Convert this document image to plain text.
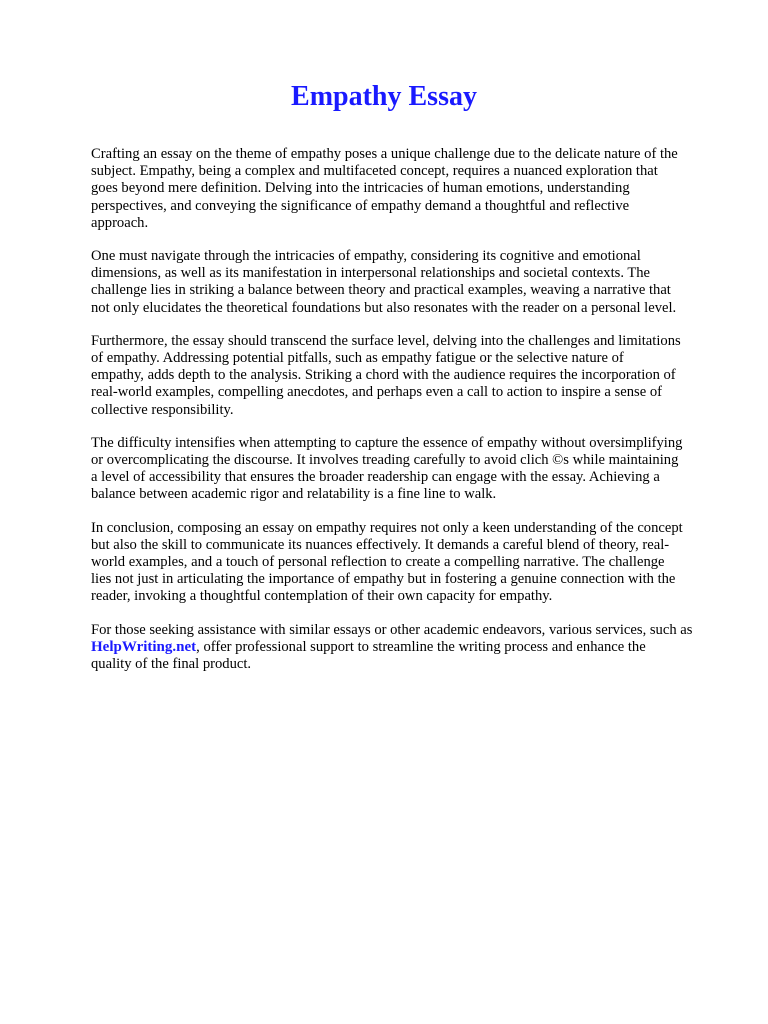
Empathy Essay

Crafting an essay on the theme of empathy poses a unique challenge due to the delicate nature of the
subject. Empathy, being a complex and multifaceted concept, requires a nuanced exploration that
goes beyond mere definition. Delving into the intricacies of human emotions, understanding
perspectives, and conveying the significance of empathy demand a thoughtful and reflective
approach.

One must navigate through the intricacies of empathy, considering its cognitive and emotional
dimensions, as well as its manifestation in interpersonal relationships and societal contexts. The
challenge lies in striking a balance between theory and practical examples, weaving a narrative that
not only elucidates the theoretical foundations but also resonates with the reader on a personal level.

Furthermore, the essay should transcend the surface level, delving into the challenges and limitations
of empathy. Addressing potential pitfalls, such as empathy fatigue or the selective nature of
empathy, adds depth to the analysis. Striking a chord with the audience requires the incorporation of
real-world examples, compelling anecdotes, and perhaps even a call to action to inspire a sense of
collective responsibility.

The difficulty intensifies when attempting to capture the essence of empathy without oversimplifying
or overcomplicating the discourse. It involves treading carefully to avoid clich ©s while maintaining
a level of accessibility that ensures the broader readership can engage with the essay. Achieving a
balance between academic rigor and relatability is a fine line to walk.

In conclusion, composing an essay on empathy requires not only a keen understanding of the concept
but also the skill to communicate its nuances effectively. It demands a careful blend of theory, real-
world examples, and a touch of personal reflection to create a compelling narrative. The challenge
lies not just in articulating the importance of empathy but in fostering a genuine connection with the
reader, invoking a thoughtful contemplation of their own capacity for empathy.

For those seeking assistance with similar essays or other academic endeavors, various services, such as
HelpWriting.net, offer professional support to streamline the writing process and enhance the
quality of the final product.
